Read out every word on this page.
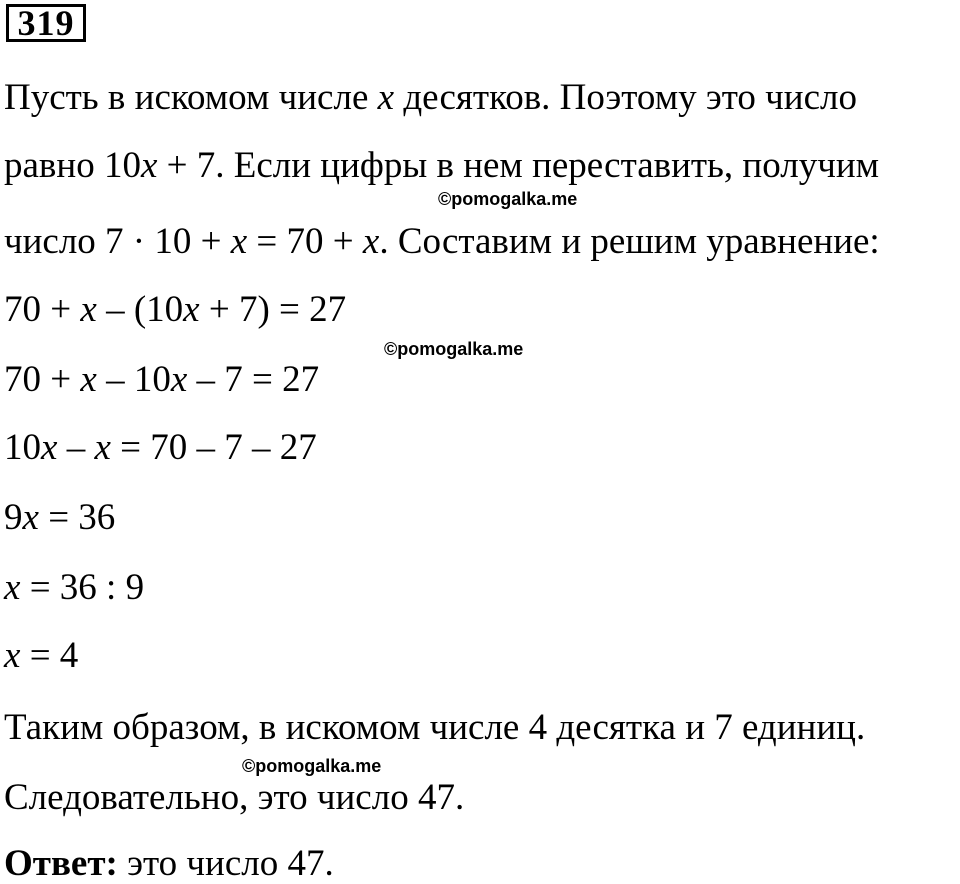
319
Пусть в искомом числе x десятков. Поэтому это число
равно 10x + 7. Если цифры в нем переставить, получим
©pomogalka.me
число 7 · 10 + x = 70 + x. Составим и решим уравнение:
70 + x – (10x + 7) = 27
©pomogalka.me
70 + x – 10x – 7 = 27
10x – x = 70 – 7 – 27
9x = 36
x = 36 : 9
x = 4
Таким образом, в искомом числе 4 десятка и 7 единиц.
©pomogalka.me
Следовательно, это число 47.
Ответ: это число 47.
